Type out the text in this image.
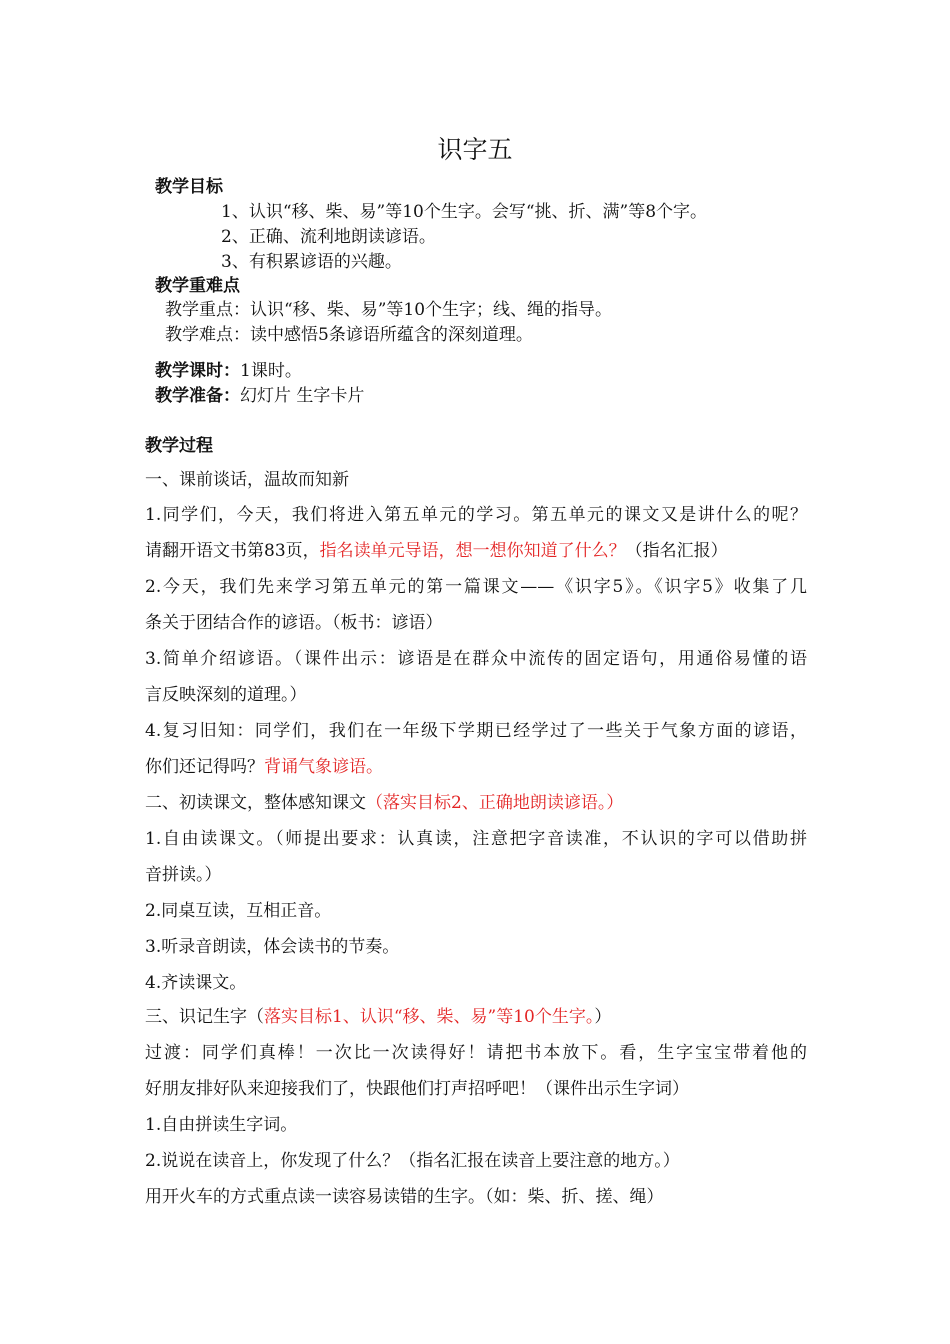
识字五
教学目标
1、认识“移、柴、易”等10个生字。会写“挑、折、满”等8个字。
2、正确、流利地朗读谚语。
3、有积累谚语的兴趣。
教学重难点
教学重点：认识“移、柴、易”等10个生字；线、绳的指导。
教学难点：读中感悟5条谚语所蕴含的深刻道理。
教学课时：1课时。
教学准备：幻灯片 生字卡片
教学过程
一、课前谈话，温故而知新
1.同学们，今天，我们将进入第五单元的学习。第五单元的课文又是讲什么的呢？
请翻开语文书第83页，指名读单元导语，想一想你知道了什么？（指名汇报）
2.今天，我们先来学习第五单元的第一篇课文——《识字5》。《识字5》收集了几
条关于团结合作的谚语。（板书：谚语）
3.简单介绍谚语。（课件出示：谚语是在群众中流传的固定语句，用通俗易懂的语
言反映深刻的道理。）
4.复习旧知：同学们，我们在一年级下学期已经学过了一些关于气象方面的谚语，
你们还记得吗？背诵气象谚语。
二、初读课文，整体感知课文（落实目标2、正确地朗读谚语。）
1.自由读课文。（师提出要求：认真读，注意把字音读准，不认识的字可以借助拼
音拼读。）
2.同桌互读，互相正音。
3.听录音朗读，体会读书的节奏。
4.齐读课文。
三、识记生字（落实目标1、认识“移、柴、易”等10个生字。）
过渡：同学们真棒！一次比一次读得好！请把书本放下。看，生字宝宝带着他的
好朋友排好队来迎接我们了，快跟他们打声招呼吧！（课件出示生字词）
1.自由拼读生字词。
2.说说在读音上，你发现了什么？（指名汇报在读音上要注意的地方。）
用开火车的方式重点读一读容易读错的生字。（如：柴、折、搓、绳）
